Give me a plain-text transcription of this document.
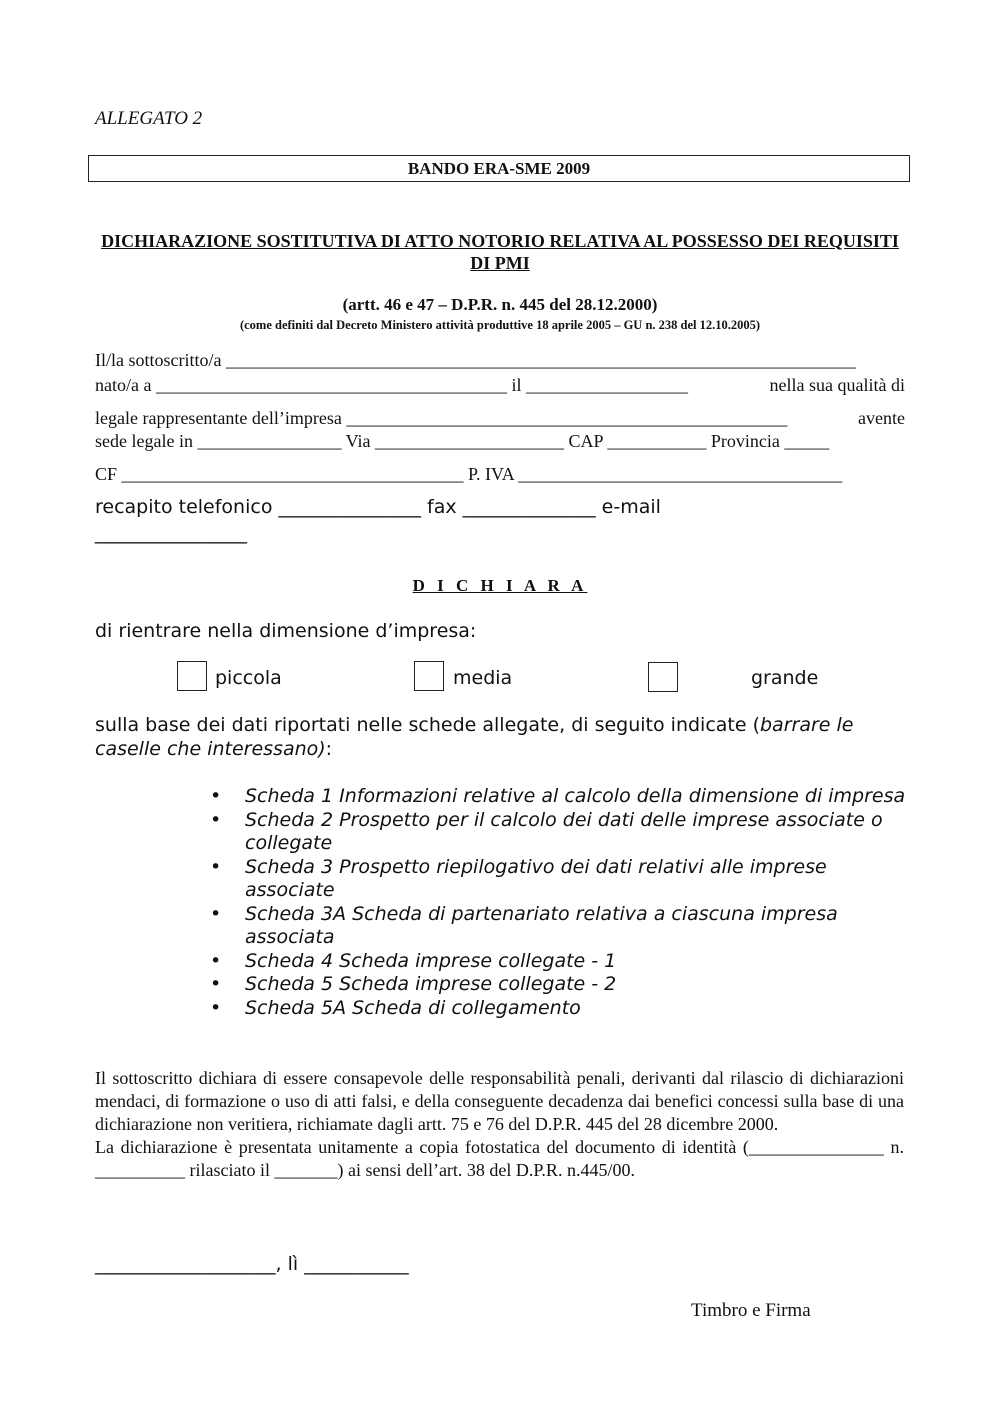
ALLEGATO 2
BANDO ERA-SME 2009
DICHIARAZIONE SOSTITUTIVA DI ATTO NOTORIO RELATIVA AL POSSESSO DEI REQUISITI DI PMI
(artt. 46 e 47 – D.P.R. n. 445 del 28.12.2000)
(come definiti dal Decreto Ministero attività produttive 18 aprile 2005 – GU n. 238 del 12.10.2005)
Il/la sottoscritto/a ______________________________________________________________________
nato/a a _______________________________________ il __________________	nella sua qualità di
legale rappresentante dell’impresa _________________________________________________	avente
sede legale in ________________ Via _____________________ CAP ___________ Provincia _____
CF ______________________________________ P. IVA ____________________________________
recapito telefonico _______________ fax ______________ e-mail
________________
D I C H I A R A
di rientrare nella dimensione d’impresa:
piccola	media	grande
sulla base dei dati riportati nelle schede allegate, di seguito indicate (barrare le caselle che interessano):
• Scheda 1 Informazioni relative al calcolo della dimensione di impresa
• Scheda 2 Prospetto per il calcolo dei dati delle imprese associate o collegate
• Scheda 3 Prospetto riepilogativo dei dati relativi alle imprese associate
• Scheda 3A Scheda di partenariato relativa a ciascuna impresa associata
• Scheda 4 Scheda imprese collegate - 1
• Scheda 5 Scheda imprese collegate - 2
• Scheda 5A Scheda di collegamento

Il sottoscritto dichiara di essere consapevole delle responsabilità penali, derivanti dal rilascio di dichiarazioni mendaci, di formazione o uso di atti falsi, e della conseguente decadenza dai benefici concessi sulla base di una dichiarazione non veritiera, richiamate dagli artt. 75 e 76 del D.P.R. 445 del 28 dicembre 2000.

La dichiarazione è presentata unitamente a copia fotostatica del documento di identità (_______________ n. __________ rilasciato il _______) ai sensi dell’art. 38 del D.P.R. n.445/00.

___________________, lì ___________
Timbro e Firma
